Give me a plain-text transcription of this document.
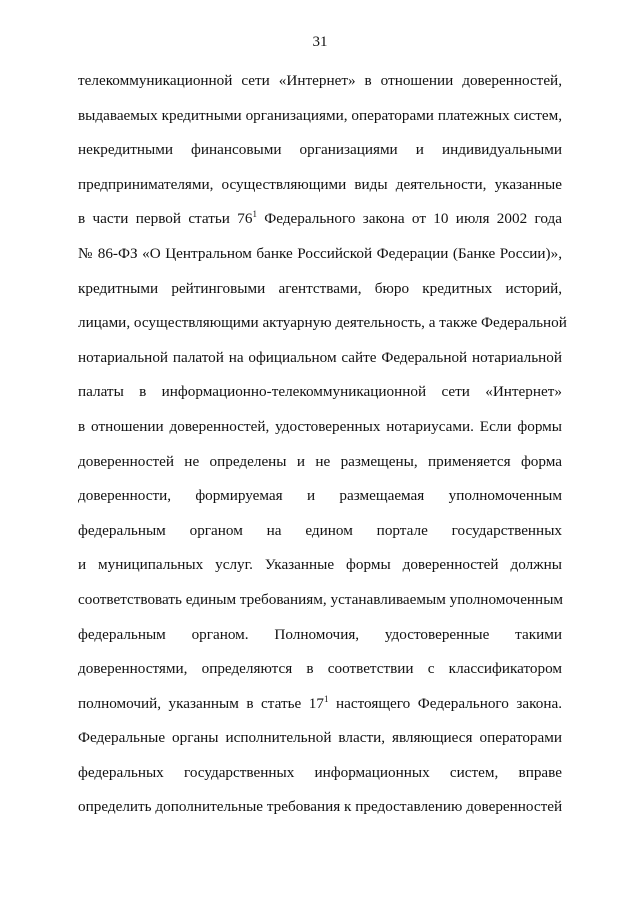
31
телекоммуникационной сети «Интернет» в отношении доверенностей,
выдаваемых кредитными организациями, операторами платежных систем,
некредитными финансовыми организациями и индивидуальными
предпринимателями, осуществляющими виды деятельности, указанные
в части первой статьи $76^1$ Федерального закона от 10 июля 2002 года
№ 86-ФЗ «О Центральном банке Российской Федерации (Банке России)»,
кредитными рейтинговыми агентствами, бюро кредитных историй,
лицами, осуществляющими актуарную деятельность, а также Федеральной
нотариальной палатой на официальном сайте Федеральной нотариальной
палаты в информационно-телекоммуникационной сети «Интернет»
в отношении доверенностей, удостоверенных нотариусами. Если формы
доверенностей не определены и не размещены, применяется форма
доверенности, формируемая и размещаемая уполномоченным
федеральным органом на едином портале государственных
и муниципальных услуг. Указанные формы доверенностей должны
соответствовать единым требованиям, устанавливаемым уполномоченным
федеральным органом. Полномочия, удостоверенные такими
доверенностями, определяются в соответствии с классификатором
полномочий, указанным в статье $17^1$ настоящего Федерального закона.
Федеральные органы исполнительной власти, являющиеся операторами
федеральных государственных информационных систем, вправе
определить дополнительные требования к предоставлению доверенностей
